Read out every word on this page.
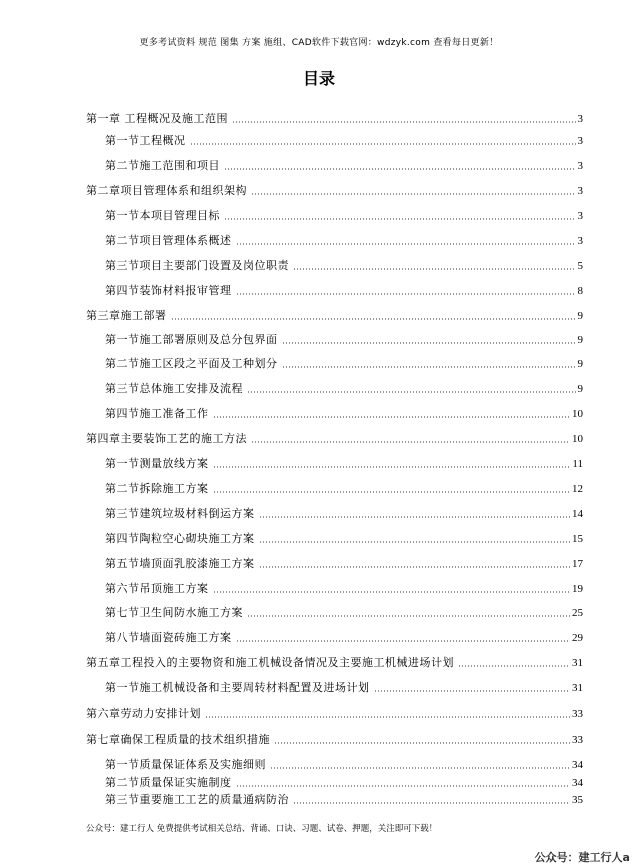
更多考试资料 规范 图集 方案 施组、CAD软件下载官网：wdzyk.com 查看每日更新！
目录
第一章 工程概况及施工范围	3
第一节工程概况	3
第二节施工范围和项目	3
第二章项目管理体系和组织架构	3
第一节本项目管理目标	3
第二节项目管理体系概述	3
第三节项目主要部门设置及岗位职责	5
第四节装饰材料报审管理	8
第三章施工部署	9
第一节施工部署原则及总分包界面	9
第二节施工区段之平面及工种划分	9
第三节总体施工安排及流程	9
第四节施工准备工作	10
第四章主要装饰工艺的施工方法	10
第一节测量放线方案	11
第二节拆除施工方案	12
第三节建筑垃圾材料倒运方案	14
第四节陶粒空心砌块施工方案	15
第五节墙顶面乳胶漆施工方案	17
第六节吊顶施工方案	19
第七节卫生间防水施工方案	25
第八节墙面瓷砖施工方案	29
第五章工程投入的主要物资和施工机械设备情况及主要施工机械进场计划	31
第一节施工机械设备和主要周转材料配置及进场计划	31
第六章劳动力安排计划	33
第七章确保工程质量的技术组织措施	33
第一节质量保证体系及实施细则	34
第二节质量保证实施制度	34
第三节重要施工工艺的质量通病防治	35
公众号：建工行人 免费提供考试相关总结、背诵、口诀、习题、试卷、押题，关注即可下载！
公众号：建工行人a
